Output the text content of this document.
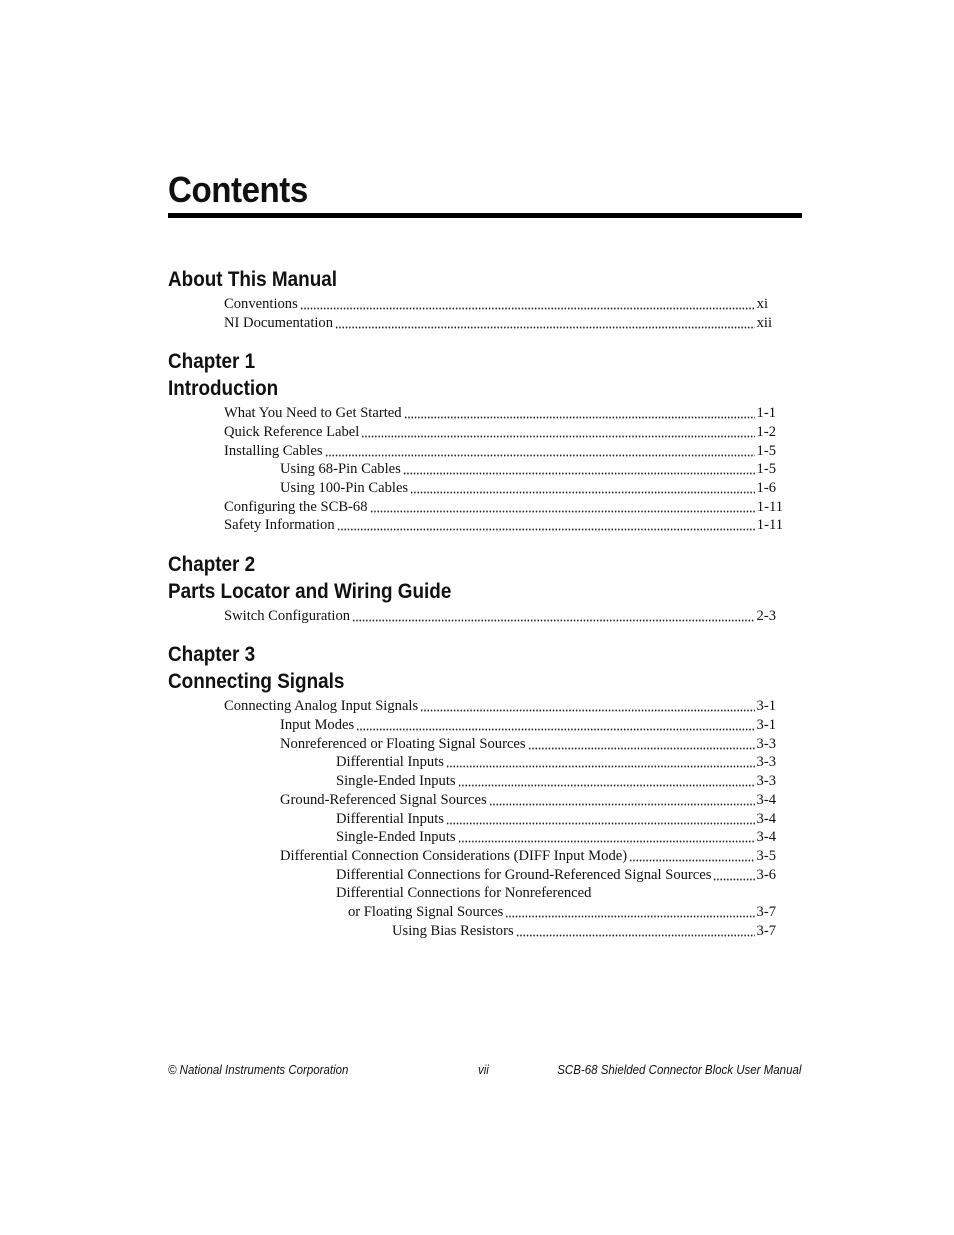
Contents
About This Manual
Conventions	xi
NI Documentation	xii
Chapter 1
Introduction
What You Need to Get Started	1-1
Quick Reference Label	1-2
Installing Cables	1-5
Using 68-Pin Cables	1-5
Using 100-Pin Cables	1-6
Configuring the SCB-68	1-11
Safety Information	1-11
Chapter 2
Parts Locator and Wiring Guide
Switch Configuration	2-3
Chapter 3
Connecting Signals
Connecting Analog Input Signals	3-1
Input Modes	3-1
Nonreferenced or Floating Signal Sources	3-3
Differential Inputs	3-3
Single-Ended Inputs	3-3
Ground-Referenced Signal Sources	3-4
Differential Inputs	3-4
Single-Ended Inputs	3-4
Differential Connection Considerations (DIFF Input Mode)	3-5
Differential Connections for Ground-Referenced Signal Sources	3-6
Differential Connections for Nonreferenced
or Floating Signal Sources	3-7
Using Bias Resistors	3-7
© National Instruments Corporation	vii	SCB-68 Shielded Connector Block User Manual
